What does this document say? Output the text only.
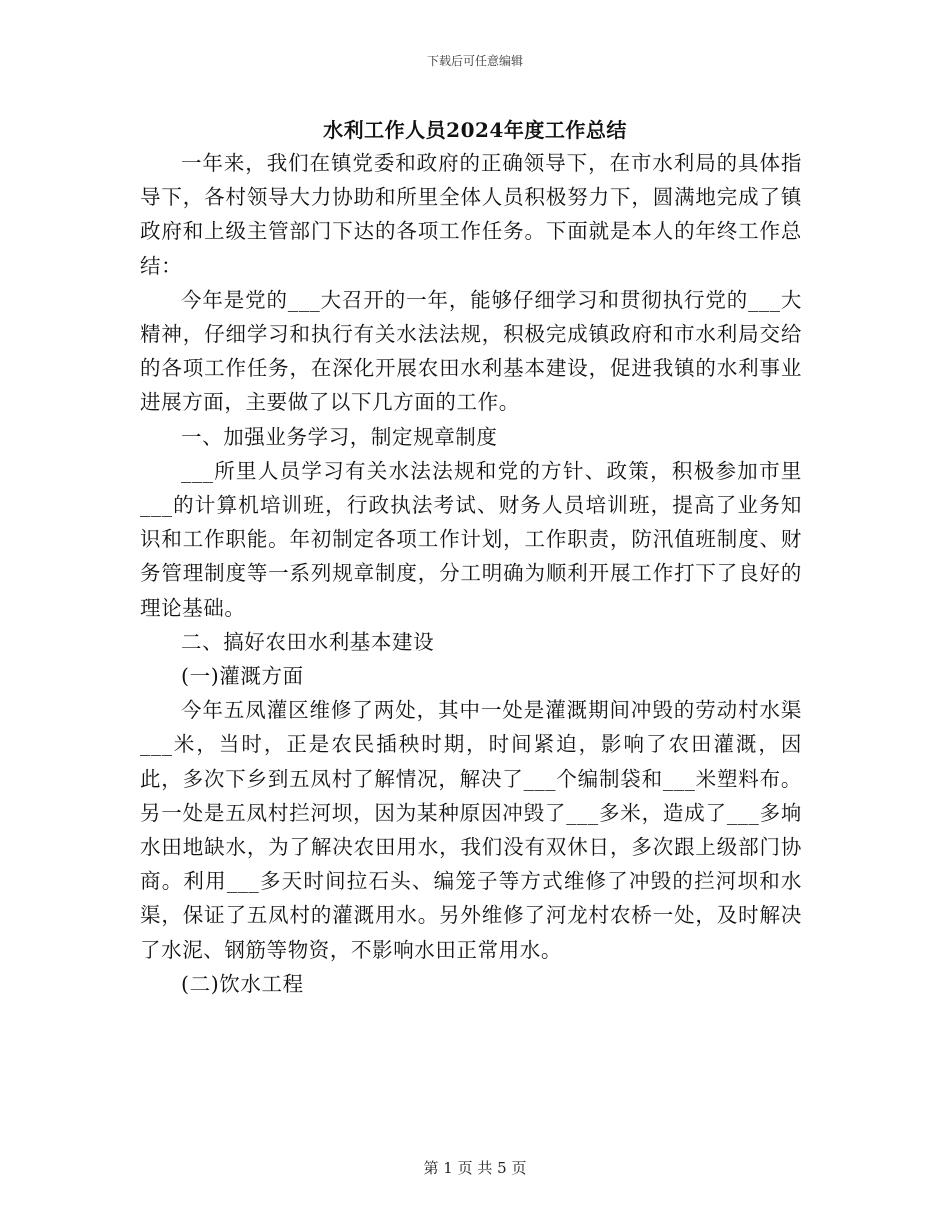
下载后可任意编辑
水利工作人员2024年度工作总结

一年来，我们在镇党委和政府的正确领导下，在市水利局的具体指导下，各村领导大力协助和所里全体人员积极努力下，圆满地完成了镇政府和上级主管部门下达的各项工作任务。下面就是本人的年终工作总结：

今年是党的___大召开的一年，能够仔细学习和贯彻执行党的___大精神，仔细学习和执行有关水法法规，积极完成镇政府和市水利局交给的各项工作任务，在深化开展农田水利基本建设，促进我镇的水利事业进展方面，主要做了以下几方面的工作。

一、加强业务学习，制定规章制度

___所里人员学习有关水法法规和党的方针、政策，积极参加市里___的计算机培训班，行政执法考试、财务人员培训班，提高了业务知识和工作职能。年初制定各项工作计划，工作职责，防汛值班制度、财务管理制度等一系列规章制度，分工明确为顺利开展工作打下了良好的理论基础。

二、搞好农田水利基本建设

(一)灌溉方面

今年五凤灌区维修了两处，其中一处是灌溉期间冲毁的劳动村水渠___米，当时，正是农民插秧时期，时间紧迫，影响了农田灌溉，因此，多次下乡到五凤村了解情况，解决了___个编制袋和___米塑料布。另一处是五凤村拦河坝，因为某种原因冲毁了___多米，造成了___多垧水田地缺水，为了解决农田用水，我们没有双休日，多次跟上级部门协商。利用___多天时间拉石头、编笼子等方式维修了冲毁的拦河坝和水渠，保证了五凤村的灌溉用水。另外维修了河龙村农桥一处，及时解决了水泥、钢筋等物资，不影响水田正常用水。

(二)饮水工程

第 1 页 共 5 页
